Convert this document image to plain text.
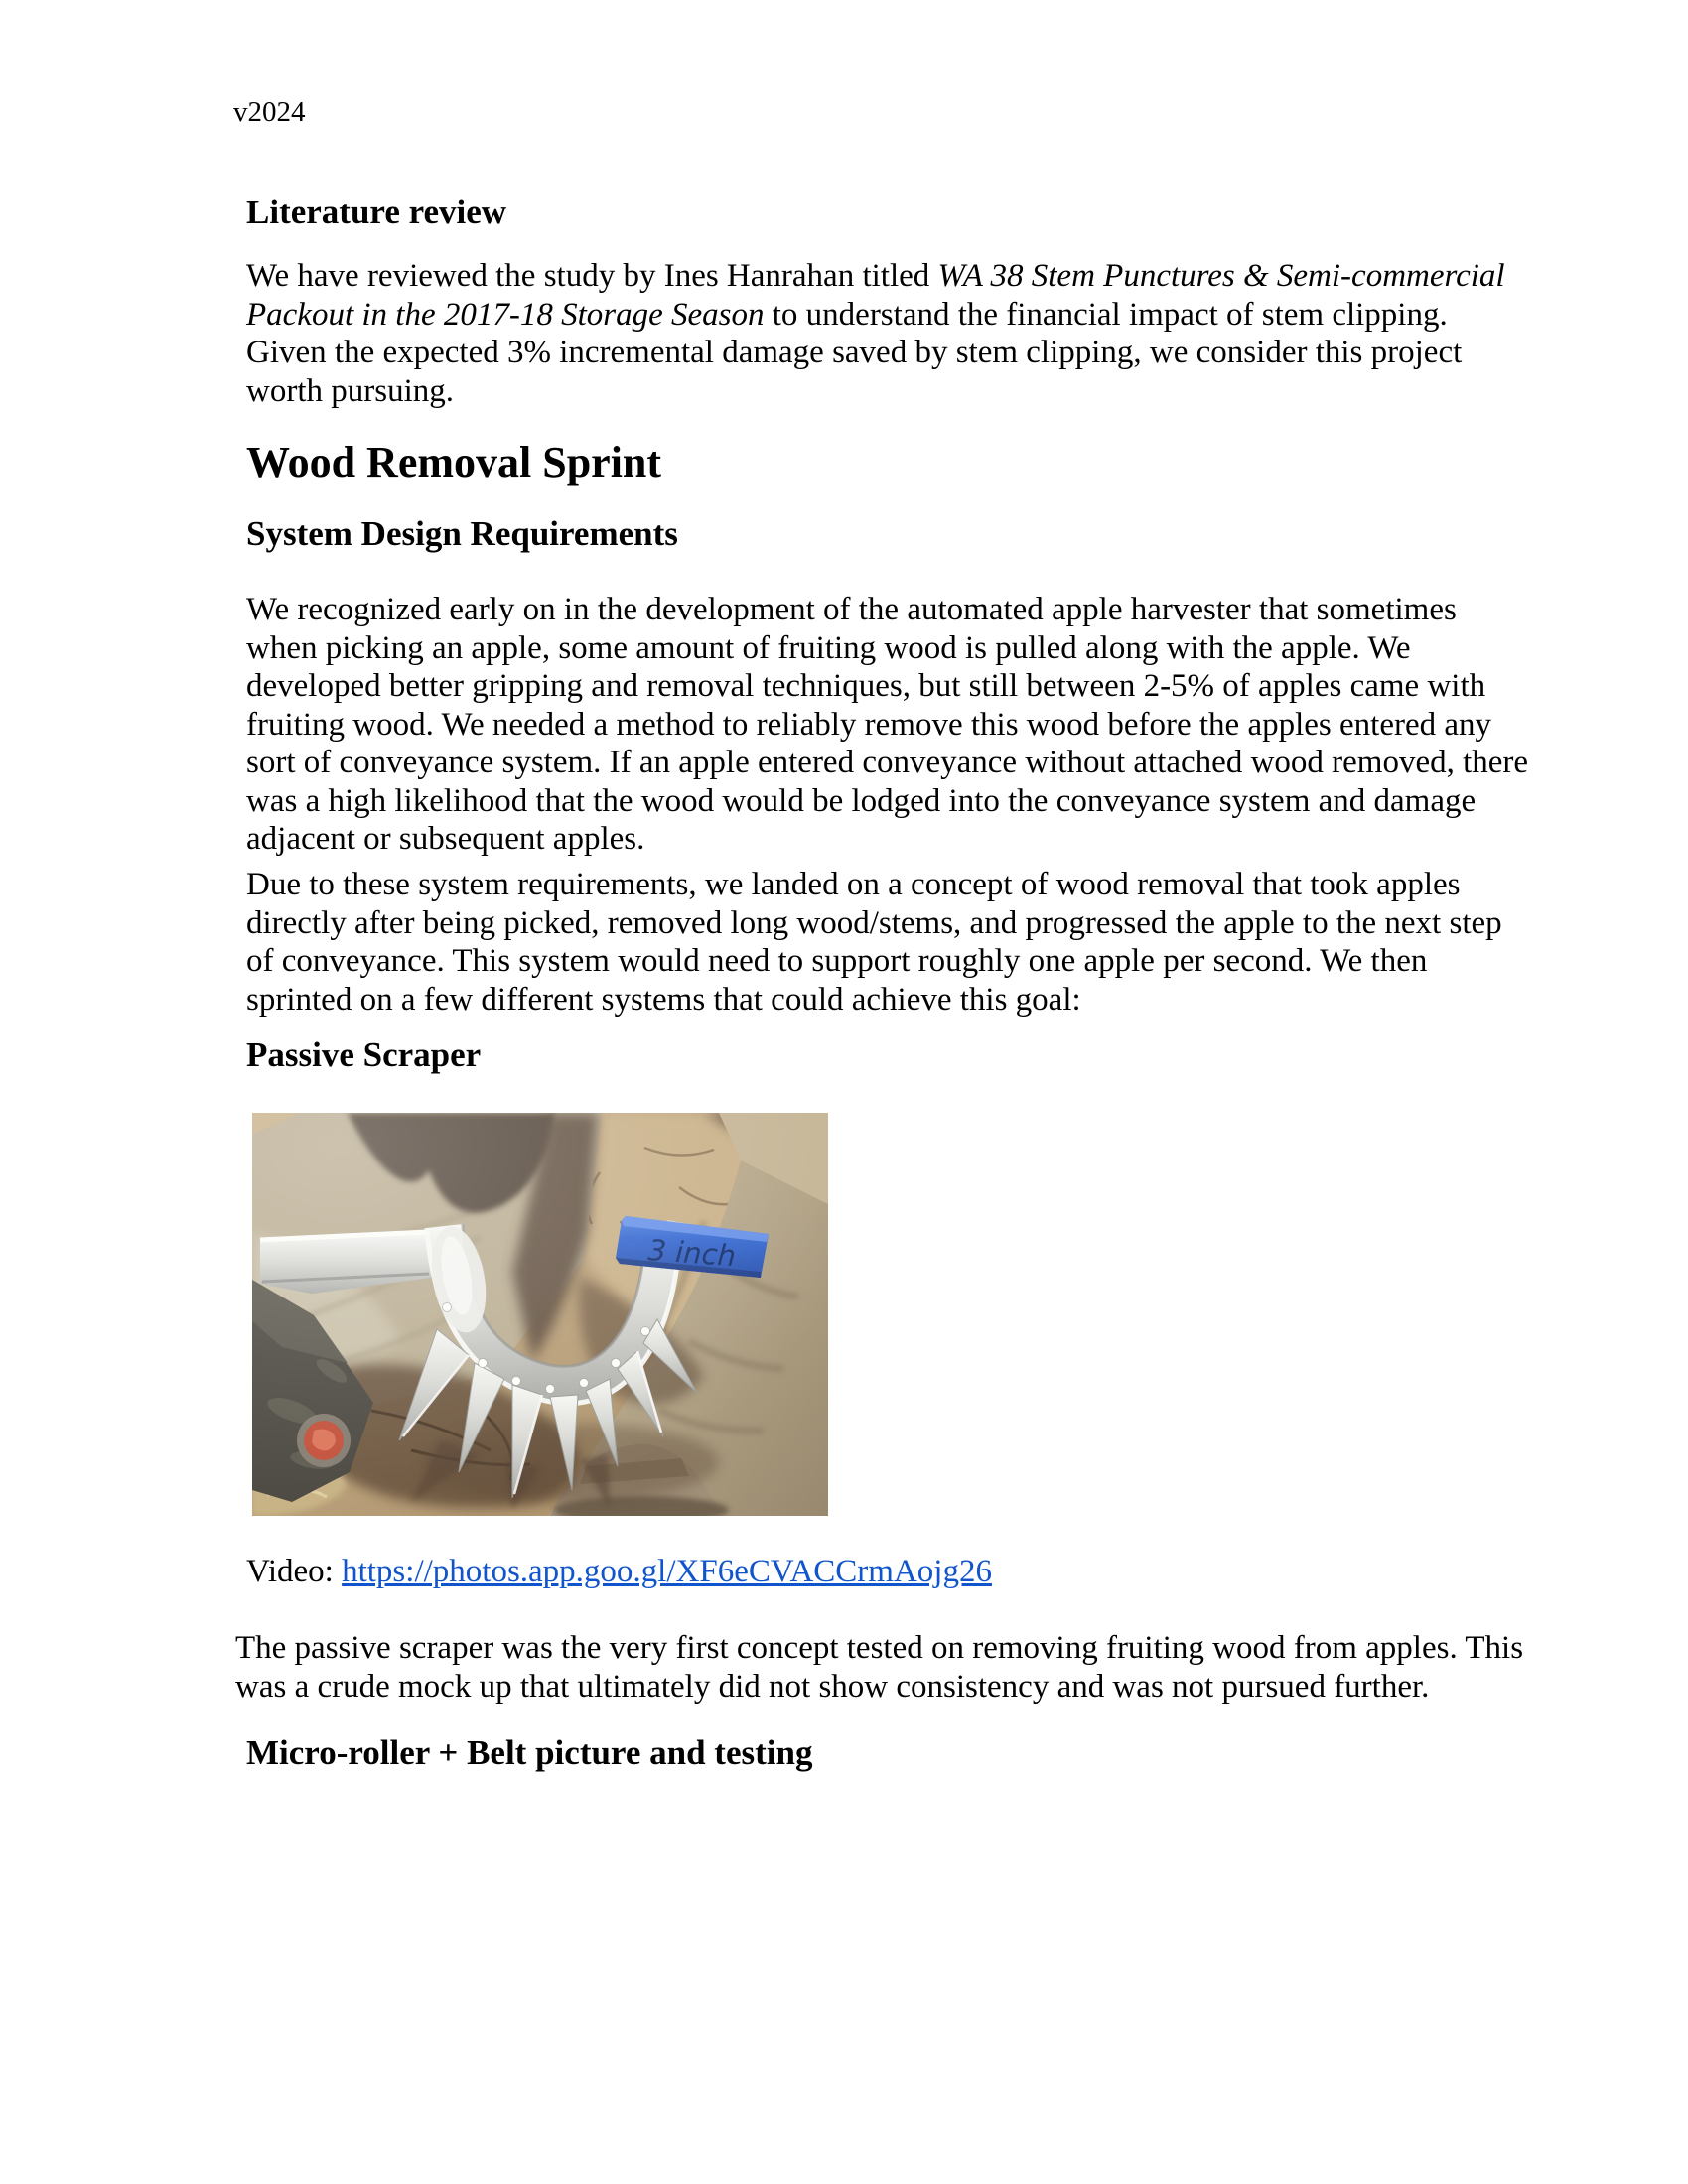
v2024
Literature review

We have reviewed the study by Ines Hanrahan titled WA 38 Stem Punctures & Semi-commercial Packout in the 2017-18 Storage Season to understand the financial impact of stem clipping. Given the expected 3% incremental damage saved by stem clipping, we consider this project worth pursuing.

Wood Removal Sprint
System Design Requirements

We recognized early on in the development of the automated apple harvester that sometimes when picking an apple, some amount of fruiting wood is pulled along with the apple. We developed better gripping and removal techniques, but still between 2-5% of apples came with fruiting wood. We needed a method to reliably remove this wood before the apples entered any sort of conveyance system. If an apple entered conveyance without attached wood removed, there was a high likelihood that the wood would be lodged into the conveyance system and damage adjacent or subsequent apples.

Due to these system requirements, we landed on a concept of wood removal that took apples directly after being picked, removed long wood/stems, and progressed the apple to the next step of conveyance. This system would need to support roughly one apple per second. We then sprinted on a few different systems that could achieve this goal:

Passive Scraper

Video: https://photos.app.goo.gl/XF6eCVACCrmAojg26

The passive scraper was the very first concept tested on removing fruiting wood from apples. This was a crude mock up that ultimately did not show consistency and was not pursued further.

Micro-roller + Belt picture and testing
